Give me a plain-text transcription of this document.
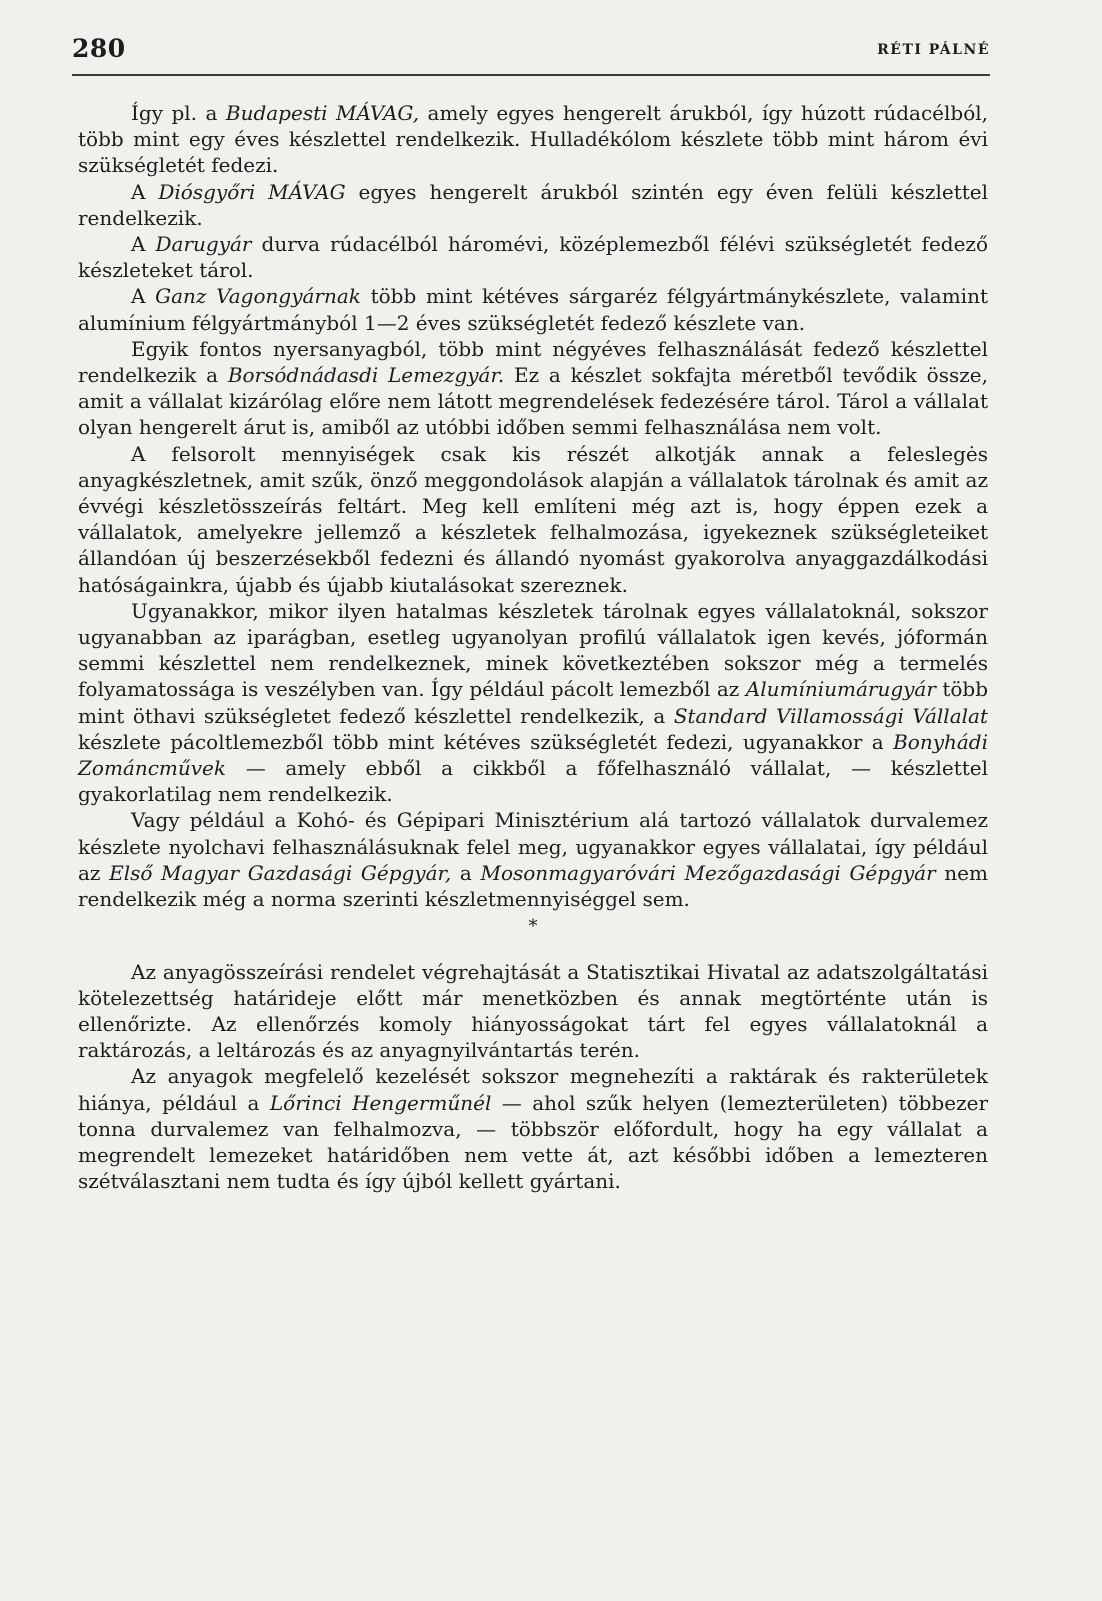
280	RÉTI PÁLNÉ

Így pl. a Budapesti MÁVAG, amely egyes hengerelt árukból, így húzott rúdacélból, több mint egy éves készlettel rendelkezik. Hulladékólom készlete több mint három évi szükségletét fedezi.

A Diósgyőri MÁVAG egyes hengerelt árukból szintén egy éven felüli készlettel rendelkezik.

A Darugyár durva rúdacélból háromévi, középlemezből félévi szükségletét fedező készleteket tárol.

A Ganz Vagongyárnak több mint kétéves sárgaréz félgyártmánykészlete, valamint alumínium félgyártmányból 1—2 éves szükségletét fedező készlete van.

Egyik fontos nyersanyagból, több mint négyéves felhasználását fedező készlettel rendelkezik a Borsódnádasdi Lemezgyár. Ez a készlet sokfajta méretből tevődik össze, amit a vállalat kizárólag előre nem látott megrendelések fedezésére tárol. Tárol a vállalat olyan hengerelt árut is, amiből az utóbbi időben semmi felhasználása nem volt.

A felsorolt mennyiségek csak kis részét alkotják annak a feleslegės anyagkészletnek, amit szűk, önző meggondolások alapján a vállalatok tárolnak és amit az évvégi készletösszeírás feltárt. Meg kell említeni még azt is, hogy éppen ezek a vállalatok, amelyekre jellemző a készletek felhalmozása, igyekeznek szükségleteiket állandóan új beszerzésekből fedezni és állandó nyomást gyakorolva anyaggazdálkodási hatóságainkra, újabb és újabb kiutalásokat szereznek.

Ugyanakkor, mikor ilyen hatalmas készletek tárolnak egyes vállalatoknál, sokszor ugyanabban az iparágban, esetleg ugyanolyan profilú vállalatok igen kevés, jóformán semmi készlettel nem rendelkeznek, minek következtében sokszor még a termelés folyamatossága is veszélyben van. Így például pácolt lemezből az Alumíniumárugyár több mint öthavi szükségletet fedező készlettel rendelkezik, a Standard Villamossági Vállalat készlete pácoltlemezből több mint kétéves szükségletét fedezi, ugyanakkor a Bonyhádi Zománcművek — amely ebből a cikkből a főfelhasználó vállalat, — készlettel gyakorlatilag nem rendelkezik.

Vagy például a Kohó- és Gépipari Minisztérium alá tartozó vállalatok durvalemez készlete nyolchavi felhasználásuknak felel meg, ugyanakkor egyes vállalatai, így például az Első Magyar Gazdasági Gépgyár, a Mosonmagyaróvári Mezőgazdasági Gépgyár nem rendelkezik még a norma szerinti készletmennyiséggel sem.

*

Az anyagösszeírási rendelet végrehajtását a Statisztikai Hivatal az adatszolgáltatási kötelezettség határideje előtt már menetközben és annak megtörténte után is ellenőrizte. Az ellenőrzés komoly hiányosságokat tárt fel egyes vállalatoknál a raktározás, a leltározás és az anyagnyilvántartás terén.

Az anyagok megfelelő kezelését sokszor megnehezíti a raktárak és rakterületek hiánya, például a Lőrinci Hengerműnél — ahol szűk helyen (lemezterületen) többezer tonna durvalemez van felhalmozva, — többször előfordult, hogy ha egy vállalat a megrendelt lemezeket határidőben nem vette át, azt későbbi időben a lemezteren szétválasztani nem tudta és így újból kellett gyártani.
